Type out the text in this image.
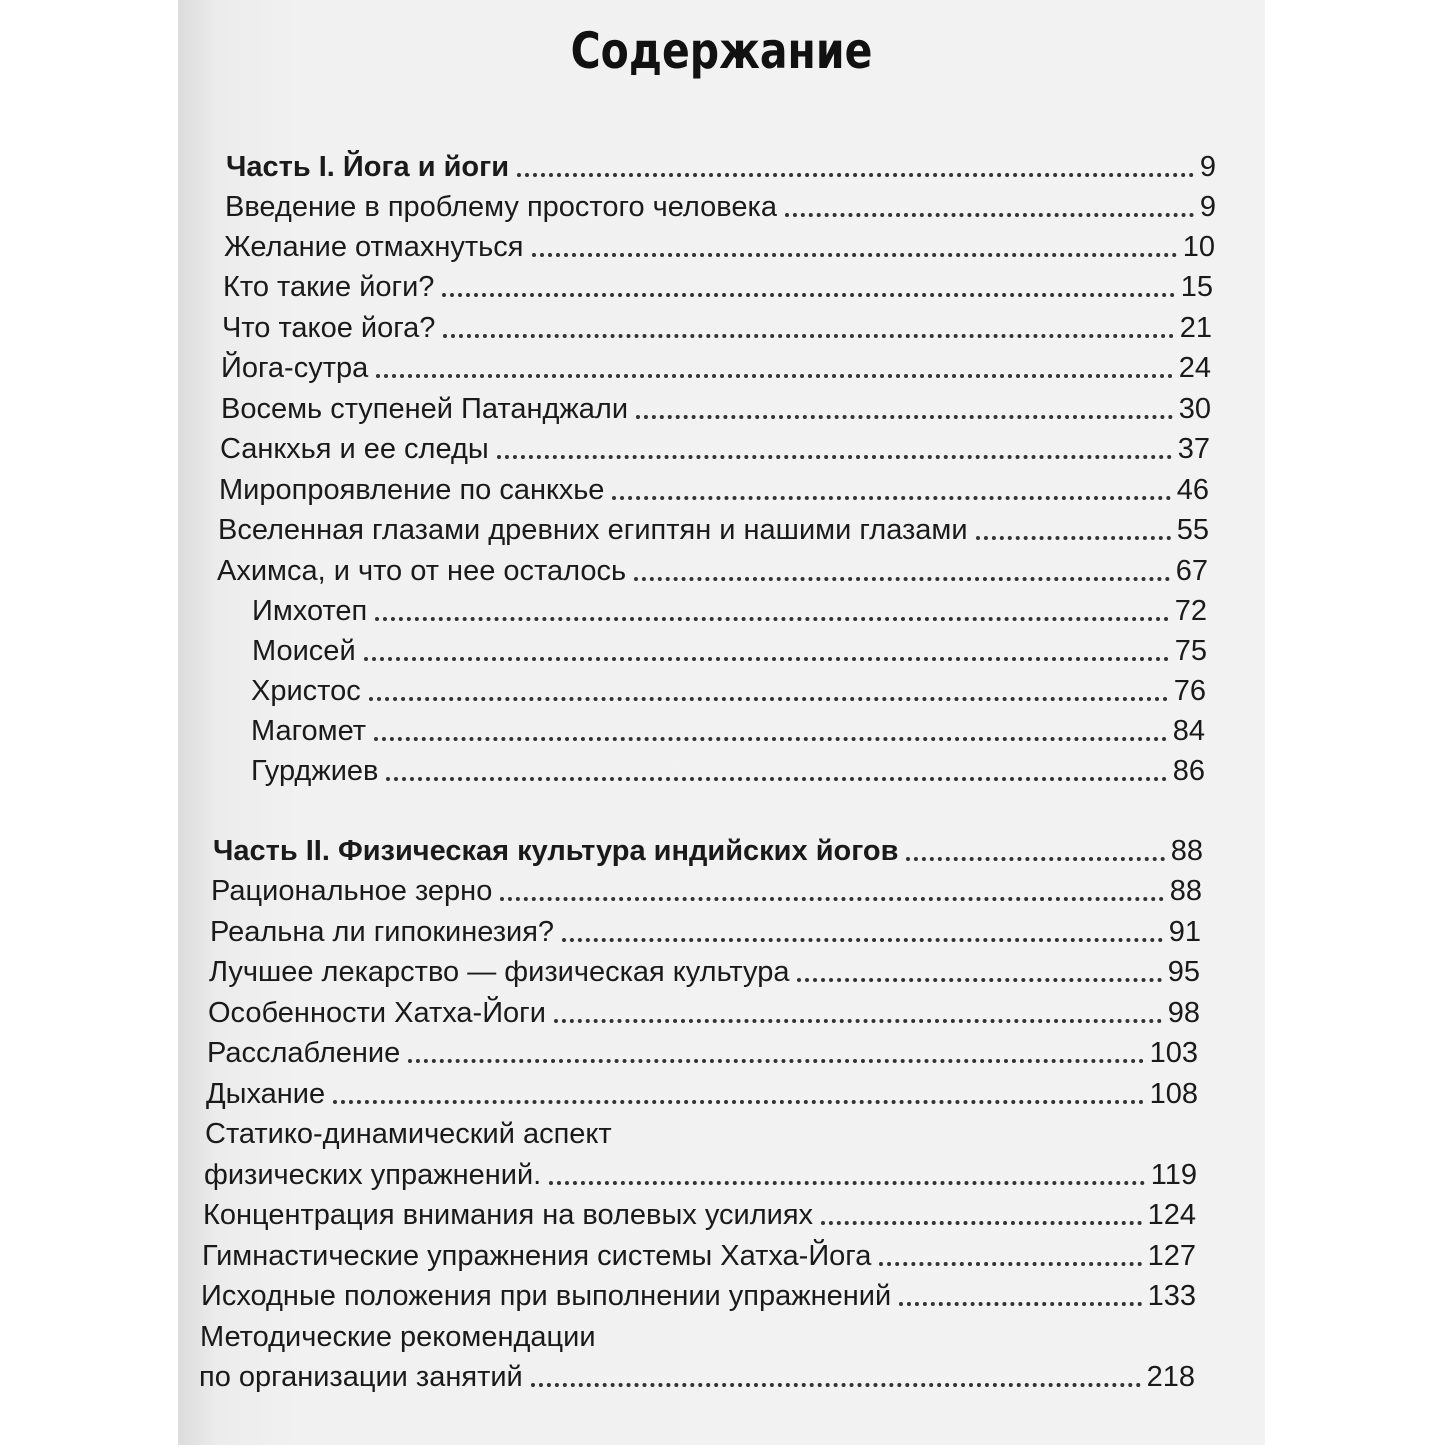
Содержание
Часть I. Йога и йоги	9
Введение в проблему простого человека	9
Желание отмахнуться	10
Кто такие йоги?	15
Что такое йога?	21
Йога-сутра	24
Восемь ступеней Патанджали	30
Санкхья и ее следы	37
Миропроявление по санкхье	46
Вселенная глазами древних египтян и нашими глазами	55
Ахимса, и что от нее осталось	67
Имхотеп	72
Моисей	75
Христос	76
Магомет	84
Гурджиев	86
Часть II. Физическая культура индийских йогов	88
Рациональное зерно	88
Реальна ли гипокинезия?	91
Лучшее лекарство — физическая культура	95
Особенности Хатха-Йоги	98
Расслабление	103
Дыхание	108
Статико-динамический аспект
физических упражнений.	119
Концентрация внимания на волевых усилиях	124
Гимнастические упражнения системы Хатха-Йога	127
Исходные положения при выполнении упражнений	133
Методические рекомендации
по организации занятий	218
